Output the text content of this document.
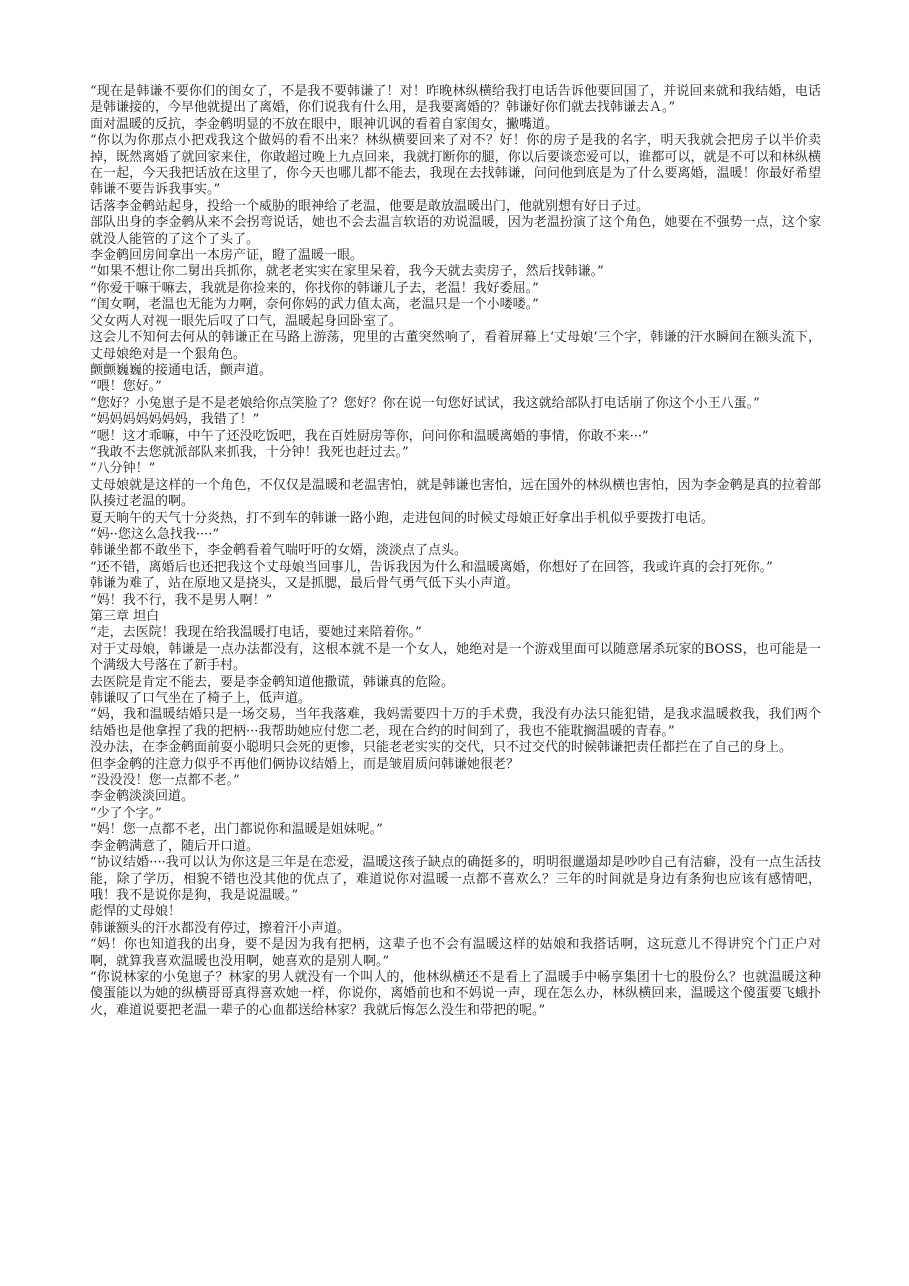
“现在是韩谦不要你们的闺女了，不是我不要韩谦了！对！昨晚林纵横给我打电话告诉他要回国了，并说回来就和我结婚，电话是韩谦接的，今早他就提出了离婚，你们说我有什么用，是我要离婚的？韩谦好你们就去找韩谦去Ａ。”

面对温暖的反抗，李金鹌明显的不放在眼中，眼神讥讽的看着自家闺女，撇嘴道。

“你以为你那点小把戏我这个做妈的看不出来？林纵横要回来了对不？好！你的房子是我的名字，明天我就会把房子以半价卖掉，既然离婚了就回家来住，你敢超过晚上九点回来，我就打断你的腿，你以后要谈恋爱可以，谁都可以，就是不可以和林纵横在一起，今天我把话放在这里了，你今天也哪儿都不能去，我现在去找韩谦，问问他到底是为了什么要离婚，温暖！你最好希望韩谦不要告诉我事实。”

话落李金鹌站起身，投给一个威胁的眼神给了老温，他要是敢放温暖出门，他就别想有好日子过。

部队出身的李金鹌从来不会拐弯说话，她也不会去温言软语的劝说温暖，因为老温扮演了这个角色，她要在不强势一点，这个家就没人能管的了这个了头了。

李金鹌回房间拿出一本房产证，瞪了温暖一眼。

“如果不想让你二舅出兵抓你，就老老实实在家里呆着，我今天就去卖房子，然后找韩谦。”

“你爱干嘛干嘛去，我就是你捡来的，你找你的韩谦儿子去，老温！我好委屈。”

“闺女啊，老温也无能为力啊，奈何你妈的武力值太高，老温只是一个小喽喽。”

父女两人对视一眼先后叹了口气，温暖起身回卧室了。

这会儿不知何去何从的韩谦正在马路上游荡，兜里的古董突然响了，看着屏幕上‘丈母娘’三个字，韩谦的汗水瞬间在额头流下，丈母娘绝对是一个狠角色。

颤颤巍巍的接通电话，颤声道。

“喂！您好。”

“您好？小兔崽子是不是老娘给你点笑脸了？您好？你在说一句您好试试，我这就给部队打电话崩了你这个小王八蛋。”

“妈妈妈妈妈妈妈，我错了！”

“嗯！这才乖嘛，中午了还没吃饭吧，我在百姓厨房等你，问问你和温暖离婚的事情，你敢不来···”

“我敢不去您就派部队来抓我，十分钟！我死也赶过去。”

“八分钟！”

丈母娘就是这样的一个角色，不仅仅是温暖和老温害怕，就是韩谦也害怕，远在国外的林纵横也害怕，因为李金鹌是真的拉着部队揍过老温的啊。

夏天晌午的天气十分炎热，打不到车的韩谦一路小跑，走进包间的时候丈母娘正好拿出手机似乎要拨打电话。

“妈··您这么急找我····”

韩谦坐都不敢坐下，李金鹌看着气喘吁吁的女婿，淡淡点了点头。

“还不错，离婚后也还把我这个丈母娘当回事儿，告诉我因为什么和温暖离婚，你想好了在回答，我或许真的会打死你。”

韩谦为难了，站在原地又是挠头，又是抓腮，最后骨气勇气低下头小声道。

“妈！我不行，我不是男人啊！”

第三章 坦白

“走，去医院！我现在给我温暖打电话，要她过来陪着你。”

对于丈母娘，韩谦是一点办法都没有，这根本就不是一个女人，她绝对是一个游戏里面可以随意屠杀玩家的BOSS，也可能是一个满级大号落在了新手村。

去医院是肯定不能去，要是李金鹌知道他撒谎，韩谦真的危险。

韩谦叹了口气坐在了椅子上，低声道。

“妈，我和温暖结婚只是一场交易，当年我落难，我妈需要四十万的手术费，我没有办法只能犯错，是我求温暖救我，我们两个结婚也是他拿捏了我的把柄···我帮助她应付您二老，现在合约的时间到了，我也不能耽搁温暖的青春。”

没办法，在李金鹌面前耍小聪明只会死的更惨，只能老老实实的交代，只不过交代的时候韩谦把责任都拦在了自己的身上。

但李金鹌的注意力似乎不再他们俩协议结婚上，而是皱眉质问韩谦她很老？

“没没没！您一点都不老。”

李金鹌淡淡回道。

“少了个字。”

“妈！您一点都不老，出门都说你和温暖是姐妹呢。”

李金鹌满意了，随后开口道。

“协议结婚····我可以认为你这是三年是在恋爱，温暖这孩子缺点的确挺多的，明明很邋遢却是吵吵自己有洁癖，没有一点生活技能，除了学历，相貌不错也没其他的优点了，难道说你对温暖一点都不喜欢么？三年的时间就是身边有条狗也应该有感情吧，哦！我不是说你是狗，我是说温暖。”

彪悍的丈母娘！

韩谦额头的汗水都没有停过，擦着汗小声道。

“妈！你也知道我的出身，要不是因为我有把柄，这辈子也不会有温暖这样的姑娘和我搭话啊，这玩意儿不得讲究个门正户对啊，就算我喜欢温暖也没用啊，她喜欢的是别人啊。”

“你说林家的小兔崽子？林家的男人就没有一个叫人的，他林纵横还不是看上了温暖手中畅享集团十七的股份么？也就温暖这种傻蛋能以为她的纵横哥哥真得喜欢她一样，你说你，离婚前也和不妈说一声，现在怎么办，林纵横回来，温暖这个傻蛋要飞蛾扑火，难道说要把老温一辈子的心血都送给林家？我就后悔怎么没生和带把的呢。”
